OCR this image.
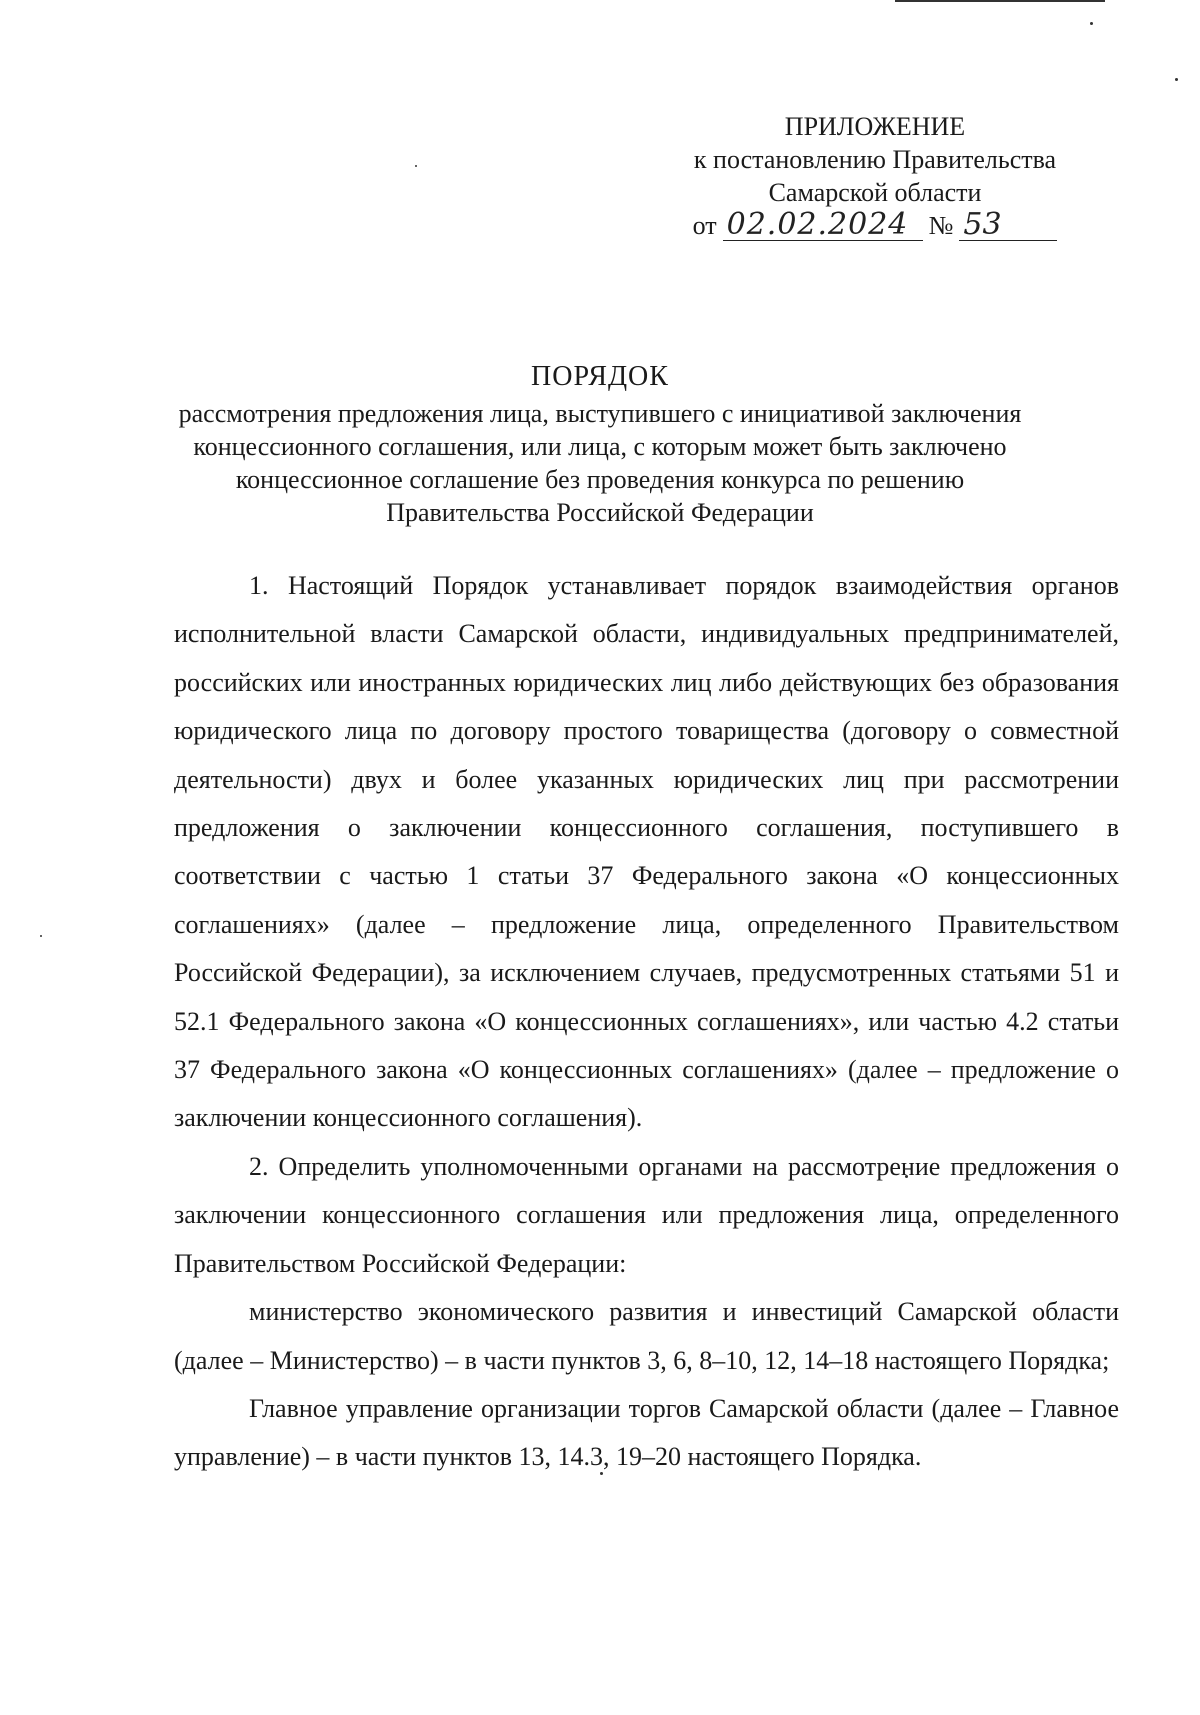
ПРИЛОЖЕНИЕ
к постановлению Правительства
Самарской области
от 02.02.2024 № 53
ПОРЯДОК
рассмотрения предложения лица, выступившего с инициативой заключения
концессионного соглашения, или лица, с которым может быть заключено
концессионное соглашение без проведения конкурса по решению
Правительства Российской Федерации

1. Настоящий Порядок устанавливает порядок взаимодействия органов исполнительной власти Самарской области, индивидуальных предпринимателей, российских или иностранных юридических лиц либо действующих без образования юридического лица по договору простого товарищества (договору о совместной деятельности) двух и более указанных юридических лиц при рассмотрении предложения о заключении концессионного соглашения, поступившего в соответствии с частью 1 статьи 37 Федерального закона «О концессионных соглашениях» (далее – предложение лица, определенного Правительством Российской Федерации), за исключением случаев, предусмотренных статьями 51 и 52.1 Федерального закона «О концессионных соглашениях», или частью 4.2 статьи 37 Федерального закона «О концессионных соглашениях» (далее – предложение о заключении концессионного соглашения).

2. Определить уполномоченными органами на рассмотрение предложения о заключении концессионного соглашения или предложения лица, определенного Правительством Российской Федерации:

министерство экономического развития и инвестиций Самарской области (далее – Министерство) – в части пунктов 3, 6, 8–10, 12, 14–18 настоящего Порядка;

Главное управление организации торгов Самарской области (далее – Главное управление) – в части пунктов 13, 14.3, 19–20 настоящего Порядка.
